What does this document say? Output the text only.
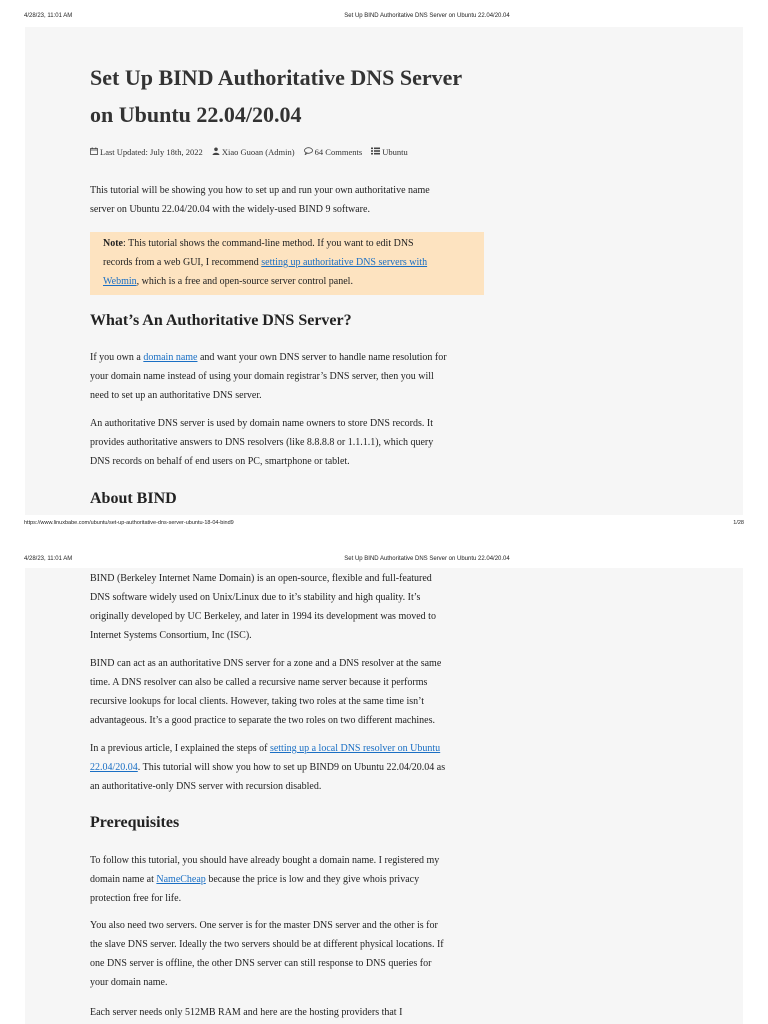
4/28/23, 11:01 AM	Set Up BIND Authoritative DNS Server on Ubuntu 22.04/20.04
Set Up BIND Authoritative DNS Server
on Ubuntu 22.04/20.04
Last Updated: July 18th, 2022 Xiao Guoan (Admin) 64 Comments Ubuntu

This tutorial will be showing you how to set up and run your own authoritative name
server on Ubuntu 22.04/20.04 with the widely-used BIND 9 software.

Note: This tutorial shows the command-line method. If you want to edit DNS
records from a web GUI, I recommend setting up authoritative DNS servers with
Webmin, which is a free and open-source server control panel.

What’s An Authoritative DNS Server?

If you own a domain name and want your own DNS server to handle name resolution for
your domain name instead of using your domain registrar’s DNS server, then you will
need to set up an authoritative DNS server.

An authoritative DNS server is used by domain name owners to store DNS records. It
provides authoritative answers to DNS resolvers (like 8.8.8.8 or 1.1.1.1), which query
DNS records on behalf of end users on PC, smartphone or tablet.

About BIND
https://www.linuxbabe.com/ubuntu/set-up-authoritative-dns-server-ubuntu-18-04-bind9	1/28
4/28/23, 11:01 AM	Set Up BIND Authoritative DNS Server on Ubuntu 22.04/20.04

BIND (Berkeley Internet Name Domain) is an open-source, flexible and full-featured
DNS software widely used on Unix/Linux due to it’s stability and high quality. It’s
originally developed by UC Berkeley, and later in 1994 its development was moved to
Internet Systems Consortium, Inc (ISC).

BIND can act as an authoritative DNS server for a zone and a DNS resolver at the same
time. A DNS resolver can also be called a recursive name server because it performs
recursive lookups for local clients. However, taking two roles at the same time isn’t
advantageous. It’s a good practice to separate the two roles on two different machines.

In a previous article, I explained the steps of setting up a local DNS resolver on Ubuntu
22.04/20.04. This tutorial will show you how to set up BIND9 on Ubuntu 22.04/20.04 as
an authoritative-only DNS server with recursion disabled.

Prerequisites

To follow this tutorial, you should have already bought a domain name. I registered my
domain name at NameCheap because the price is low and they give whois privacy
protection free for life.

You also need two servers. One server is for the master DNS server and the other is for
the slave DNS server. Ideally the two servers should be at different physical locations. If
one DNS server is offline, the other DNS server can still response to DNS queries for
your domain name.

Each server needs only 512MB RAM and here are the hosting providers that I
